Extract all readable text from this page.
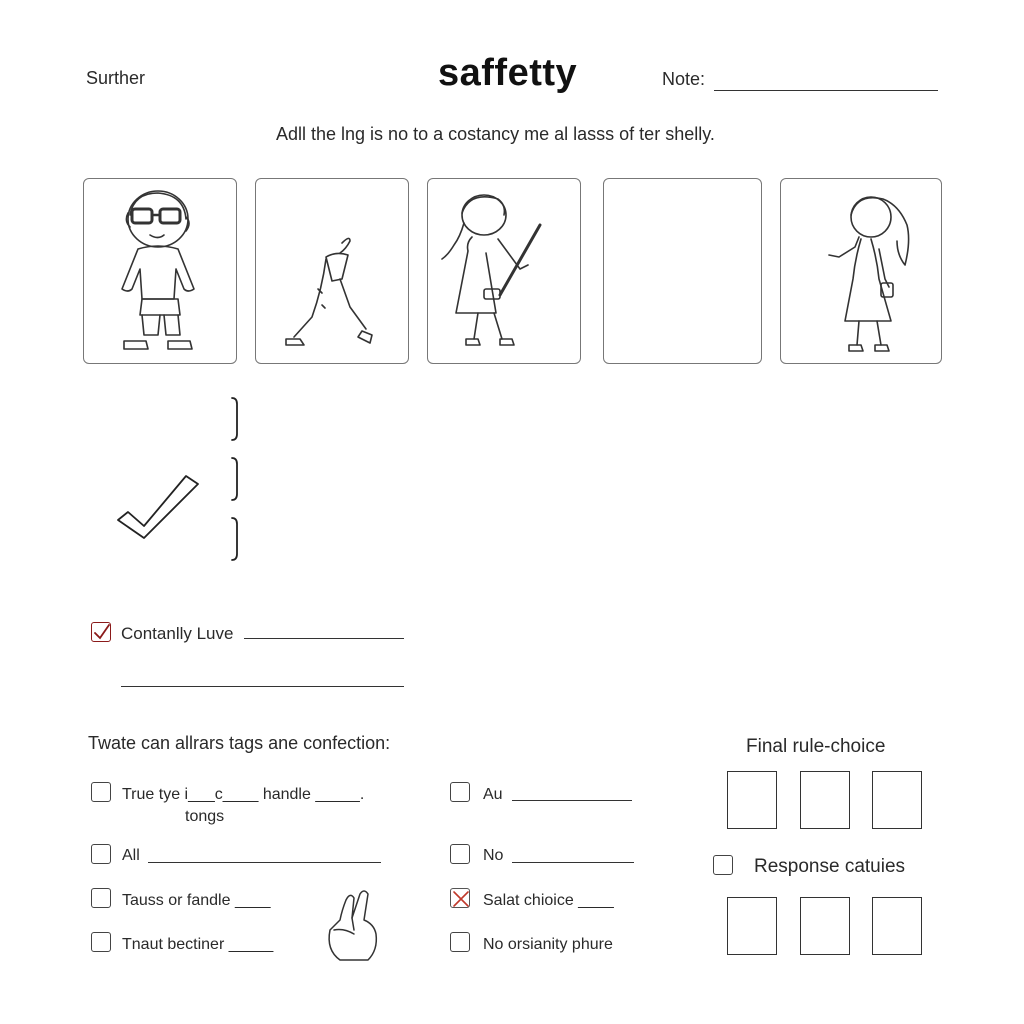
Surther	saffetty	Note:
Adll the lng is no to a costancy me al lasss of ter shelly.
Contanlly Luve
Twate can allrars tags ane confection:
True tye i___c____ handle _____.
tongs
All
Tauss or fandle ____
Tnaut bectiner _____
Au
No
Salat chioice ____
No orsianity phure
Final rule-choice
Response catuies
